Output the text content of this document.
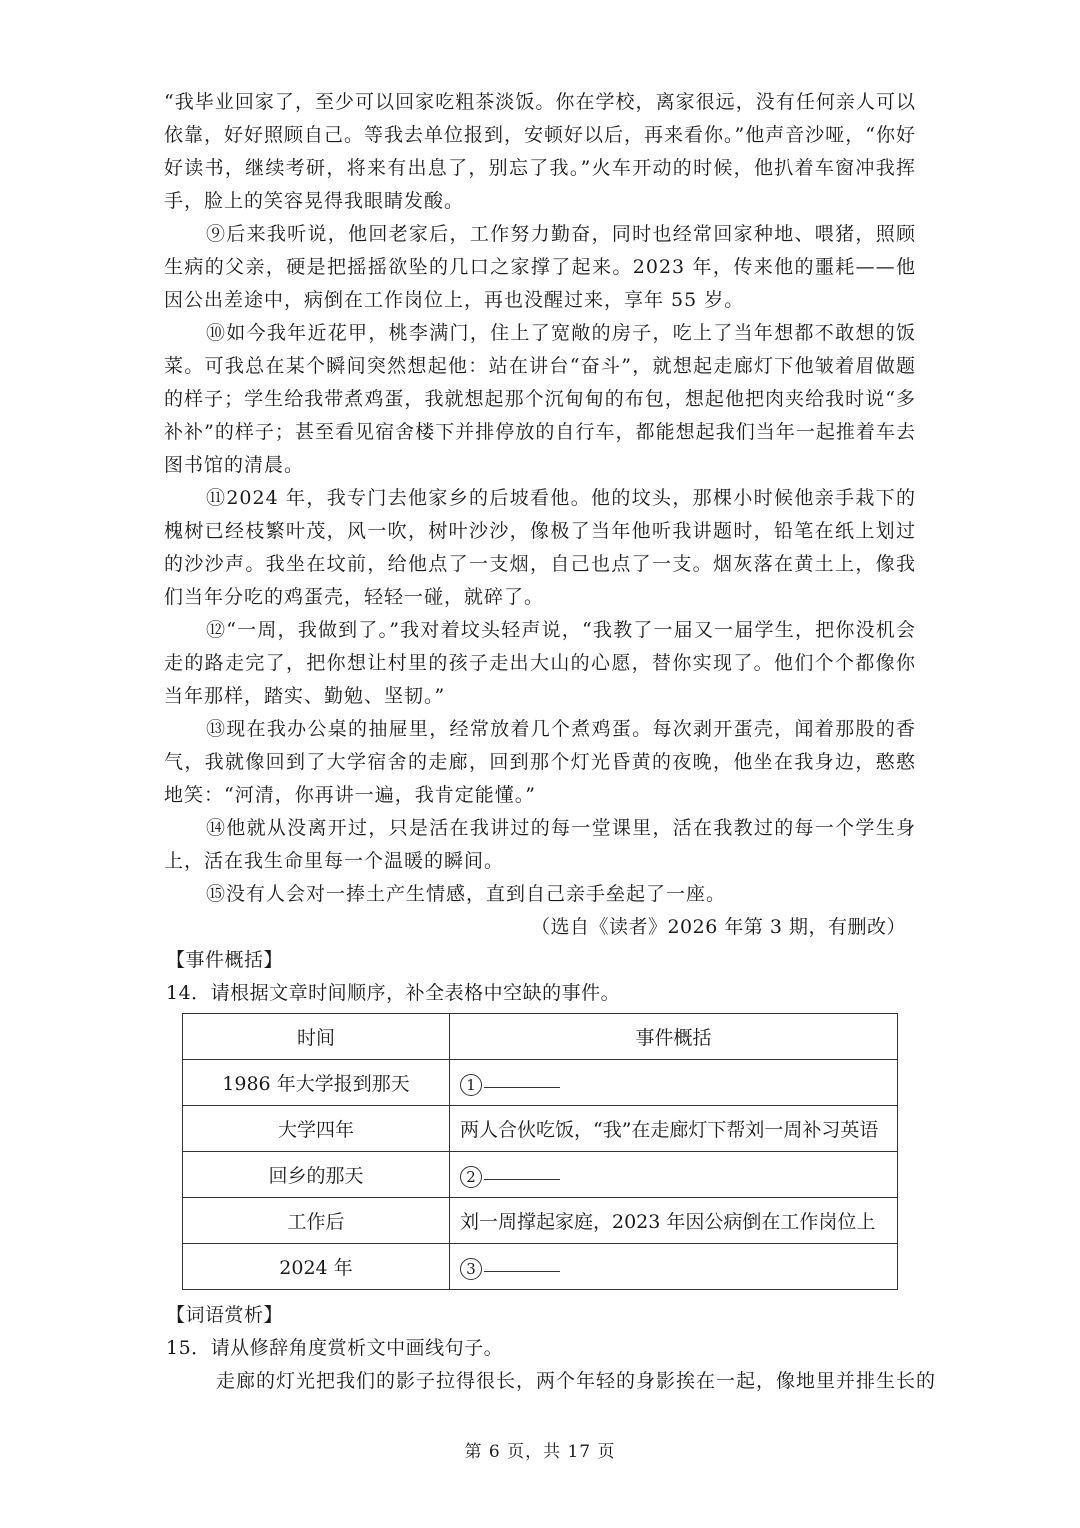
“我毕业回家了，至少可以回家吃粗茶淡饭。你在学校，离家很远，没有任何亲人可以依靠，好好照顾自己。等我去单位报到，安顿好以后，再来看你。”他声音沙哑，“你好好读书，继续考研，将来有出息了，别忘了我。”火车开动的时候，他扒着车窗冲我挥手，脸上的笑容晃得我眼睛发酸。

⑨后来我听说，他回老家后，工作努力勤奋，同时也经常回家种地、喂猪，照顾生病的父亲，硬是把摇摇欲坠的几口之家撑了起来。2023 年，传来他的噩耗——他因公出差途中，病倒在工作岗位上，再也没醒过来，享年 55 岁。

⑩如今我年近花甲，桃李满门，住上了宽敞的房子，吃上了当年想都不敢想的饭菜。可我总在某个瞬间突然想起他：站在讲台“奋斗”，就想起走廊灯下他皱着眉做题的样子；学生给我带煮鸡蛋，我就想起那个沉甸甸的布包，想起他把肉夹给我时说“多补补”的样子；甚至看见宿舍楼下并排停放的自行车，都能想起我们当年一起推着车去图书馆的清晨。

⑪2024 年，我专门去他家乡的后坡看他。他的坟头，那棵小时候他亲手栽下的槐树已经枝繁叶茂，风一吹，树叶沙沙，像极了当年他听我讲题时，铅笔在纸上划过的沙沙声。我坐在坟前，给他点了一支烟，自己也点了一支。烟灰落在黄土上，像我们当年分吃的鸡蛋壳，轻轻一碰，就碎了。

⑫“一周，我做到了。”我对着坟头轻声说，“我教了一届又一届学生，把你没机会走的路走完了，把你想让村里的孩子走出大山的心愿，替你实现了。他们个个都像你当年那样，踏实、勤勉、坚韧。”

⑬现在我办公桌的抽屉里，经常放着几个煮鸡蛋。每次剥开蛋壳，闻着那股的香气，我就像回到了大学宿舍的走廊，回到那个灯光昏黄的夜晚，他坐在我身边，憨憨地笑：“河清，你再讲一遍，我肯定能懂。”

⑭他就从没离开过，只是活在我讲过的每一堂课里，活在我教过的每一个学生身上，活在我生命里每一个温暖的瞬间。

⑮没有人会对一捧土产生情感，直到自己亲手垒起了一座。

（选自《读者》2026 年第 3 期，有删改）
【事件概括】
14．请根据文章时间顺序，补全表格中空缺的事件。
时间	事件概括
1986 年大学报到那天	1
大学四年	两人合伙吃饭，“我”在走廊灯下帮刘一周补习英语
回乡的那天	2
工作后	刘一周撑起家庭，2023 年因公病倒在工作岗位上
2024 年	3
【词语赏析】
15．请从修辞角度赏析文中画线句子。
走廊的灯光把我们的影子拉得很长，两个年轻的身影挨在一起，像地里并排生长的
第 6 页，共 17 页
